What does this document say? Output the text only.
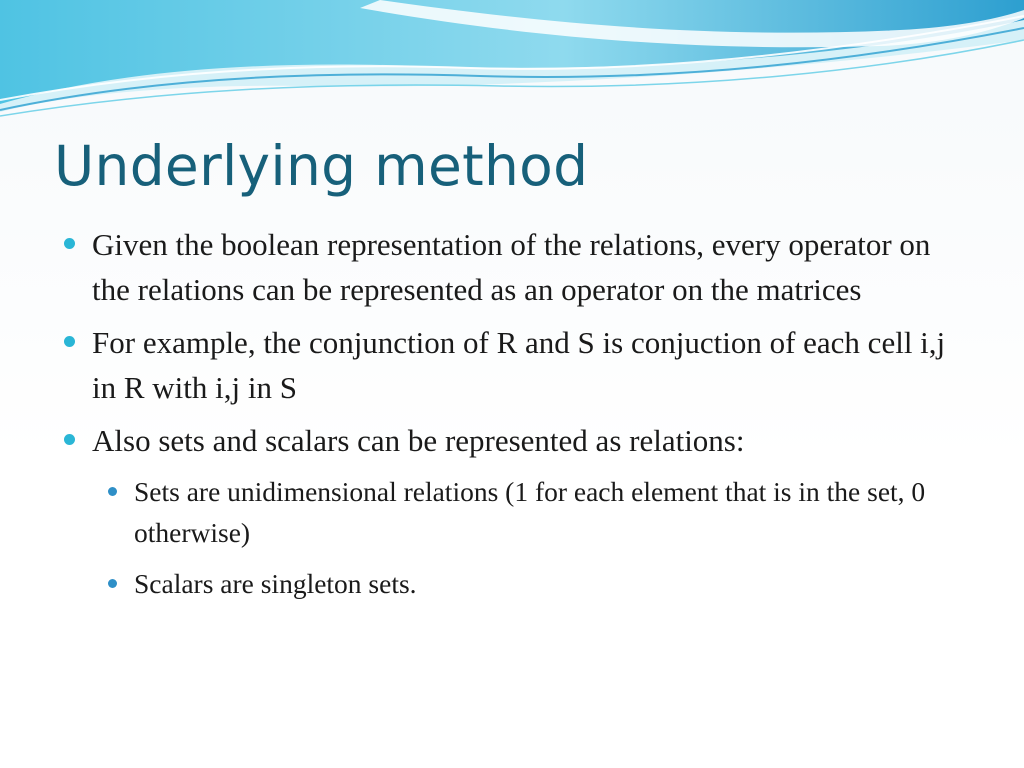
Underlying method
Given the boolean representation of the relations, every operator on the relations can be represented as an operator on the matrices
For example, the conjunction of R and S is conjuction of each cell i,j in R with i,j in S
Also sets and scalars can be represented as relations:
Sets are unidimensional relations (1 for each element that is in the set, 0 otherwise)
Scalars are singleton sets.
